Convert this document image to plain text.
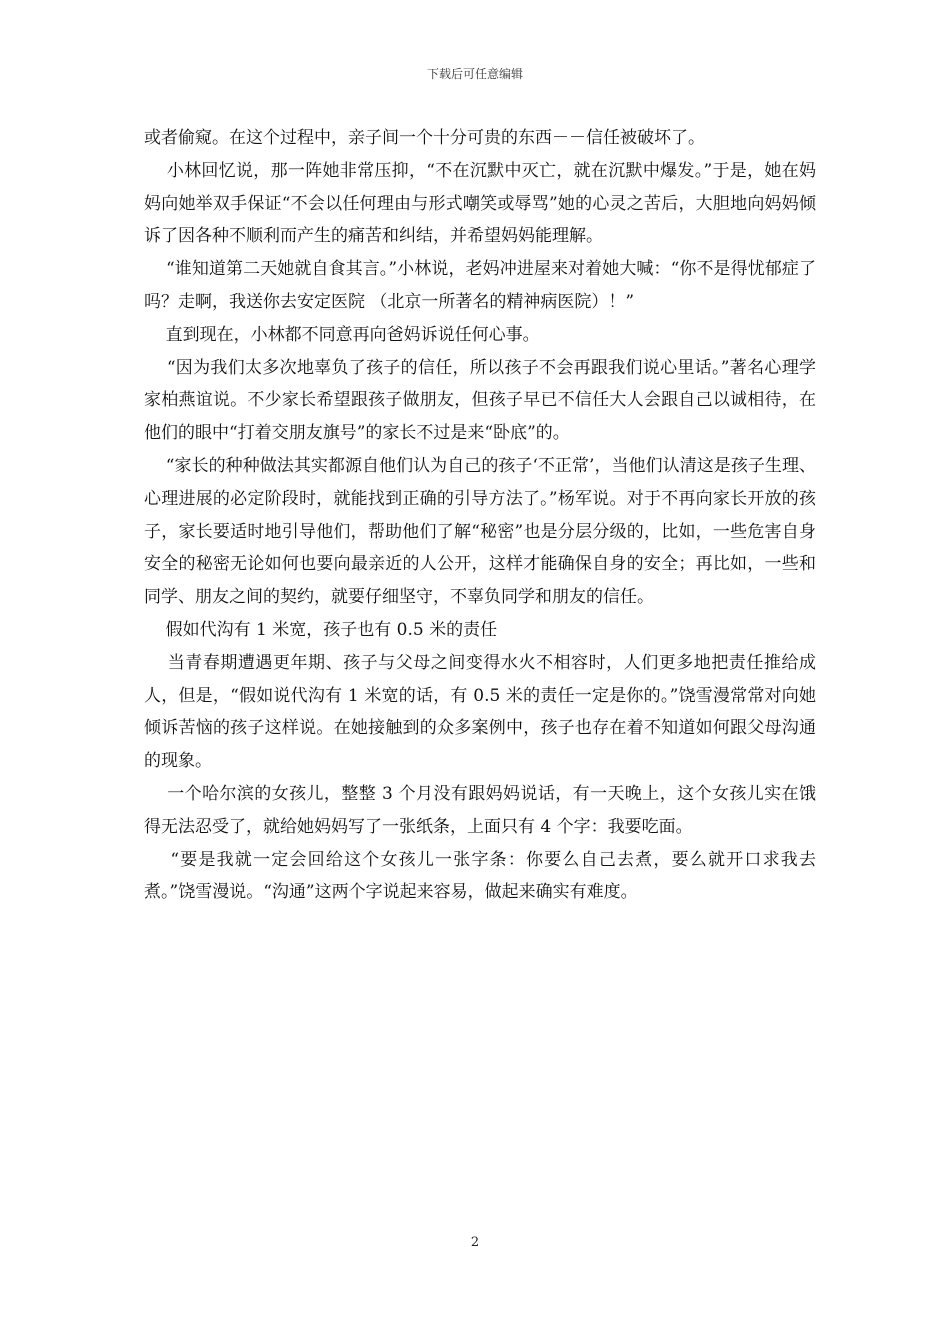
下载后可任意编辑

或者偷窥。在这个过程中，亲子间一个十分可贵的东西－－信任被破坏了。

小林回忆说，那一阵她非常压抑，“不在沉默中灭亡，就在沉默中爆发。”于是，她在妈妈向她举双手保证“不会以任何理由与形式嘲笑或辱骂”她的心灵之苦后，大胆地向妈妈倾诉了因各种不顺利而产生的痛苦和纠结，并希望妈妈能理解。

“谁知道第二天她就自食其言。”小林说，老妈冲进屋来对着她大喊：“你不是得忧郁症了吗？走啊，我送你去安定医院 （北京一所著名的精神病医院）！”

直到现在，小林都不同意再向爸妈诉说任何心事。

“因为我们太多次地辜负了孩子的信任，所以孩子不会再跟我们说心里话。”著名心理学家柏燕谊说。不少家长希望跟孩子做朋友，但孩子早已不信任大人会跟自己以诚相待，在他们的眼中“打着交朋友旗号”的家长不过是来“卧底”的。

“家长的种种做法其实都源自他们认为自己的孩子‘不正常’，当他们认清这是孩子生理、心理进展的必定阶段时，就能找到正确的引导方法了。”杨军说。对于不再向家长开放的孩子，家长要适时地引导他们，帮助他们了解“秘密”也是分层分级的，比如，一些危害自身安全的秘密无论如何也要向最亲近的人公开，这样才能确保自身的安全；再比如，一些和同学、朋友之间的契约，就要仔细坚守，不辜负同学和朋友的信任。

假如代沟有 1 米宽，孩子也有 0.5 米的责任

当青春期遭遇更年期、孩子与父母之间变得水火不相容时，人们更多地把责任推给成人，但是，“假如说代沟有 1 米宽的话，有 0.5 米的责任一定是你的。”饶雪漫常常对向她倾诉苦恼的孩子这样说。在她接触到的众多案例中，孩子也存在着不知道如何跟父母沟通的现象。

一个哈尔滨的女孩儿，整整 3 个月没有跟妈妈说话，有一天晚上，这个女孩儿实在饿得无法忍受了，就给她妈妈写了一张纸条，上面只有 4 个字：我要吃面。

“要是我就一定会回给这个女孩儿一张字条：你要么自己去煮，要么就开口求我去煮。”饶雪漫说。“沟通”这两个字说起来容易，做起来确实有难度。

2
